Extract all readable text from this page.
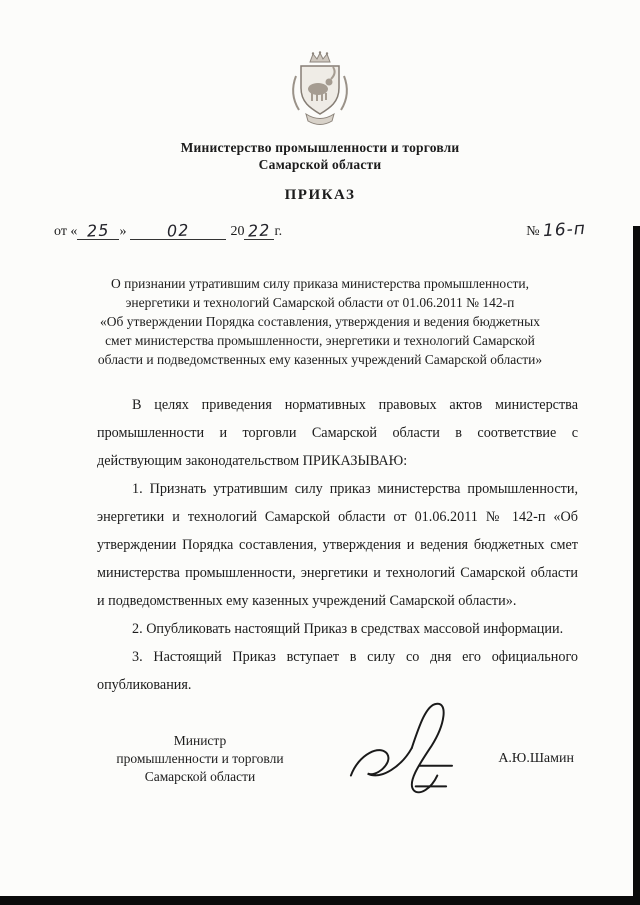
Министерство промышленности и торговли
Самарской области
ПРИКАЗ
от « 25 »	02	20 22 г.	№ 16-п
О признании утратившим силу приказа министерства промышленности,
энергетики и технологий Самарской области от 01.06.2011 № 142-п
«Об утверждении Порядка составления, утверждения и ведения бюджетных
смет министерства промышленности, энергетики и технологий Самарской
области и подведомственных ему казенных учреждений Самарской области»

В целях приведения нормативных правовых актов министерства промышленности и торговли Самарской области в соответствие с действующим законодательством ПРИКАЗЫВАЮ:

1. Признать утратившим силу приказ министерства промышленности, энергетики и технологий Самарской области от 01.06.2011 № 142-п «Об утверждении Порядка составления, утверждения и ведения бюджетных смет министерства промышленности, энергетики и технологий Самарской области и подведомственных ему казенных учреждений Самарской области».

2. Опубликовать настоящий Приказ в средствах массовой информации.

3. Настоящий Приказ вступает в силу со дня его официального опубликования.

Министр
промышленности и торговли
Самарской области
А.Ю.Шамин
